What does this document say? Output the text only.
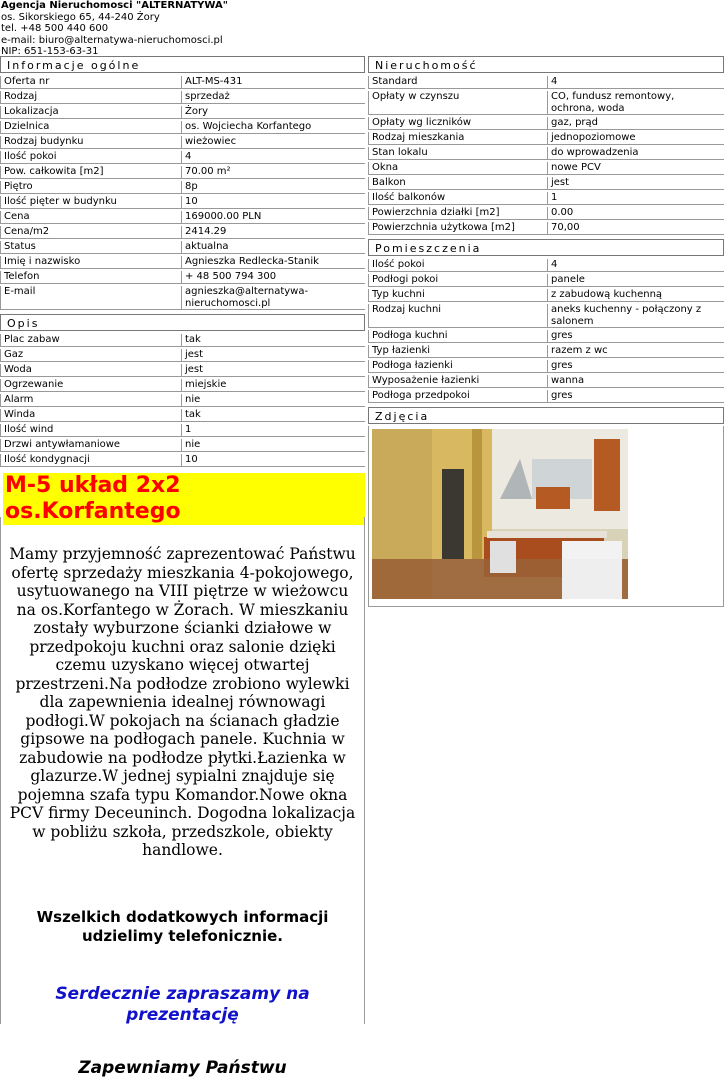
Agencja Nieruchomosci "ALTERNATYWA"
os. Sikorskiego 65, 44-240 Żory
tel. +48 500 440 600
e-mail: biuro@alternatywa-nieruchomosci.pl
NIP: 651-153-63-31
Informacje ogólne
Oferta nr	ALT-MS-431
Rodzaj	sprzedaż
Lokalizacja	Żory
Dzielnica	os. Wojciecha Korfantego
Rodzaj budynku	wieżowiec
Ilość pokoi	4
Pow. całkowita [m2]	70.00 m²
Piętro	8p
Ilość pięter w budynku	10
Cena	169000.00 PLN
Cena/m2	2414.29
Status	aktualna
Imię i nazwisko	Agnieszka Redlecka-Stanik
Telefon	+ 48 500 794 300
E-mail	agnieszka@alternatywa-nieruchomosci.pl
Opis
Plac zabaw	tak
Gaz	jest
Woda	jest
Ogrzewanie	miejskie
Alarm	nie
Winda	tak
Ilość wind	1
Drzwi antywłamaniowe	nie
Ilość kondygnacji	10
M-5 układ 2x2 os.Korfantego
Mamy przyjemność zaprezentować Państwu ofertę sprzedaży mieszkania 4-pokojowego, usytuowanego na VIII piętrze w wieżowcu na os.Korfantego w Żorach. W mieszkaniu zostały wyburzone ścianki działowe w przedpokoju kuchni oraz salonie dzięki czemu uzyskano więcej otwartej przestrzeni.Na podłodze zrobiono wylewki dla zapewnienia idealnej równowagi podłogi.W pokojach na ścianach gładzie gipsowe na podłogach panele. Kuchnia w zabudowie na podłodze płytki.Łazienka w glazurze.W jednej sypialni znajduje się pojemna szafa typu Komandor.Nowe okna PCV firmy Deceuninch. Dogodna lokalizacja w pobliżu szkoła, przedszkole, obiekty handlowe.
Wszelkich dodatkowych informacji udzielimy telefonicznie.
Serdecznie zapraszamy na prezentację
Zapewniamy Państwu
Nieruchomość
Standard	4
Opłaty w czynszu	CO, fundusz remontowy, ochrona, woda
Opłaty wg liczników	gaz, prąd
Rodzaj mieszkania	jednopoziomowe
Stan lokalu	do wprowadzenia
Okna	nowe PCV
Balkon	jest
Ilość balkonów	1
Powierzchnia działki [m2]	0.00
Powierzchnia użytkowa [m2]	70,00
Pomieszczenia
Ilość pokoi	4
Podłogi pokoi	panele
Typ kuchni	z zabudową kuchenną
Rodzaj kuchni	aneks kuchenny - połączony z salonem
Podłoga kuchni	gres
Typ łazienki	razem z wc
Podłoga łazienki	gres
Wyposażenie łazienki	wanna
Podłoga przedpokoi	gres
Zdjęcia
